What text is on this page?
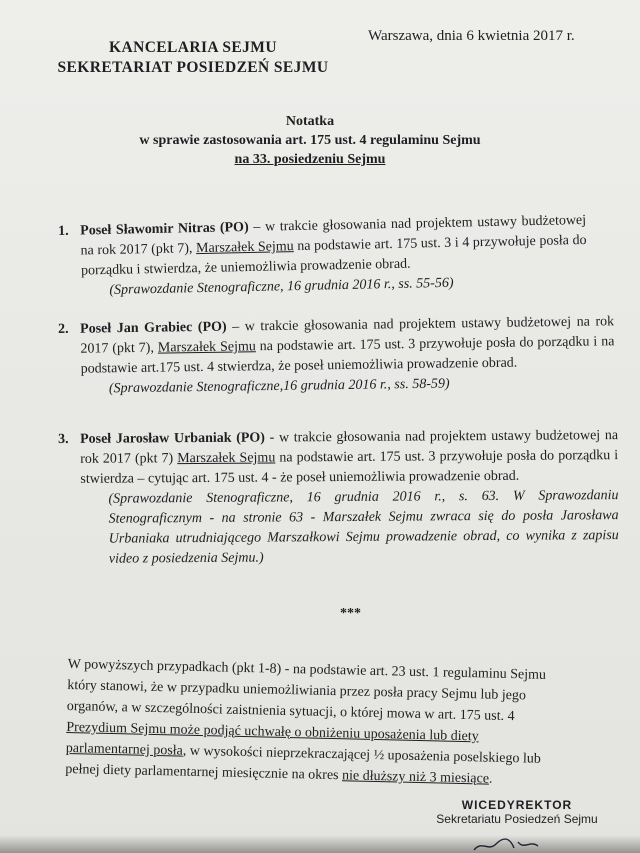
KANCELARIA SEJMU
SEKRETARIAT POSIEDZEŃ SEJMU
Warszawa, dnia 6 kwietnia 2017 r.
Notatka
w sprawie zastosowania art. 175 ust. 4 regulaminu Sejmu
na 33. posiedzeniu Sejmu
1. Poseł Sławomir Nitras (PO) – w trakcie głosowania nad projektem ustawy budżetowej na rok 2017 (pkt 7), Marszałek Sejmu na podstawie art. 175 ust. 3 i 4 przywołuje posła do porządku i stwierdza, że uniemożliwia prowadzenie obrad.
(Sprawozdanie Stenograficzne, 16 grudnia 2016 r., ss. 55-56)
2. Poseł Jan Grabiec (PO) – w trakcie głosowania nad projektem ustawy budżetowej na rok 2017 (pkt 7), Marszałek Sejmu na podstawie art. 175 ust. 3 przywołuje posła do porządku i na podstawie art.175 ust. 4 stwierdza, że poseł uniemożliwia prowadzenie obrad.
(Sprawozdanie Stenograficzne,16 grudnia 2016 r., ss. 58-59)
3. Poseł Jarosław Urbaniak (PO) - w trakcie głosowania nad projektem ustawy budżetowej na rok 2017 (pkt 7) Marszałek Sejmu na podstawie art. 175 ust. 3 przywołuje posła do porządku i stwierdza – cytując art. 175 ust. 4 - że poseł uniemożliwia prowadzenie obrad.
(Sprawozdanie Stenograficzne, 16 grudnia 2016 r., s. 63. W Sprawozdaniu Stenograficznym - na stronie 63 - Marszałek Sejmu zwraca się do posła Jarosława Urbaniaka utrudniającego Marszałkowi Sejmu prowadzenie obrad, co wynika z zapisu video z posiedzenia Sejmu.)
***
W powyższych przypadkach (pkt 1-8) - na podstawie art. 23 ust. 1 regulaminu Sejmu
który stanowi, że w przypadku uniemożliwiania przez posła pracy Sejmu lub jego
organów, a w szczególności zaistnienia sytuacji, o której mowa w art. 175 ust. 4
Prezydium Sejmu może podjąć uchwałę o obniżeniu uposażenia lub diety
parlamentarnej posła, w wysokości nieprzekraczającej ½ uposażenia poselskiego lub
pełnej diety parlamentarnej miesięcznie na okres nie dłuższy niż 3 miesiące.
WICEDYREKTOR
Sekretariatu Posiedzeń Sejmu
